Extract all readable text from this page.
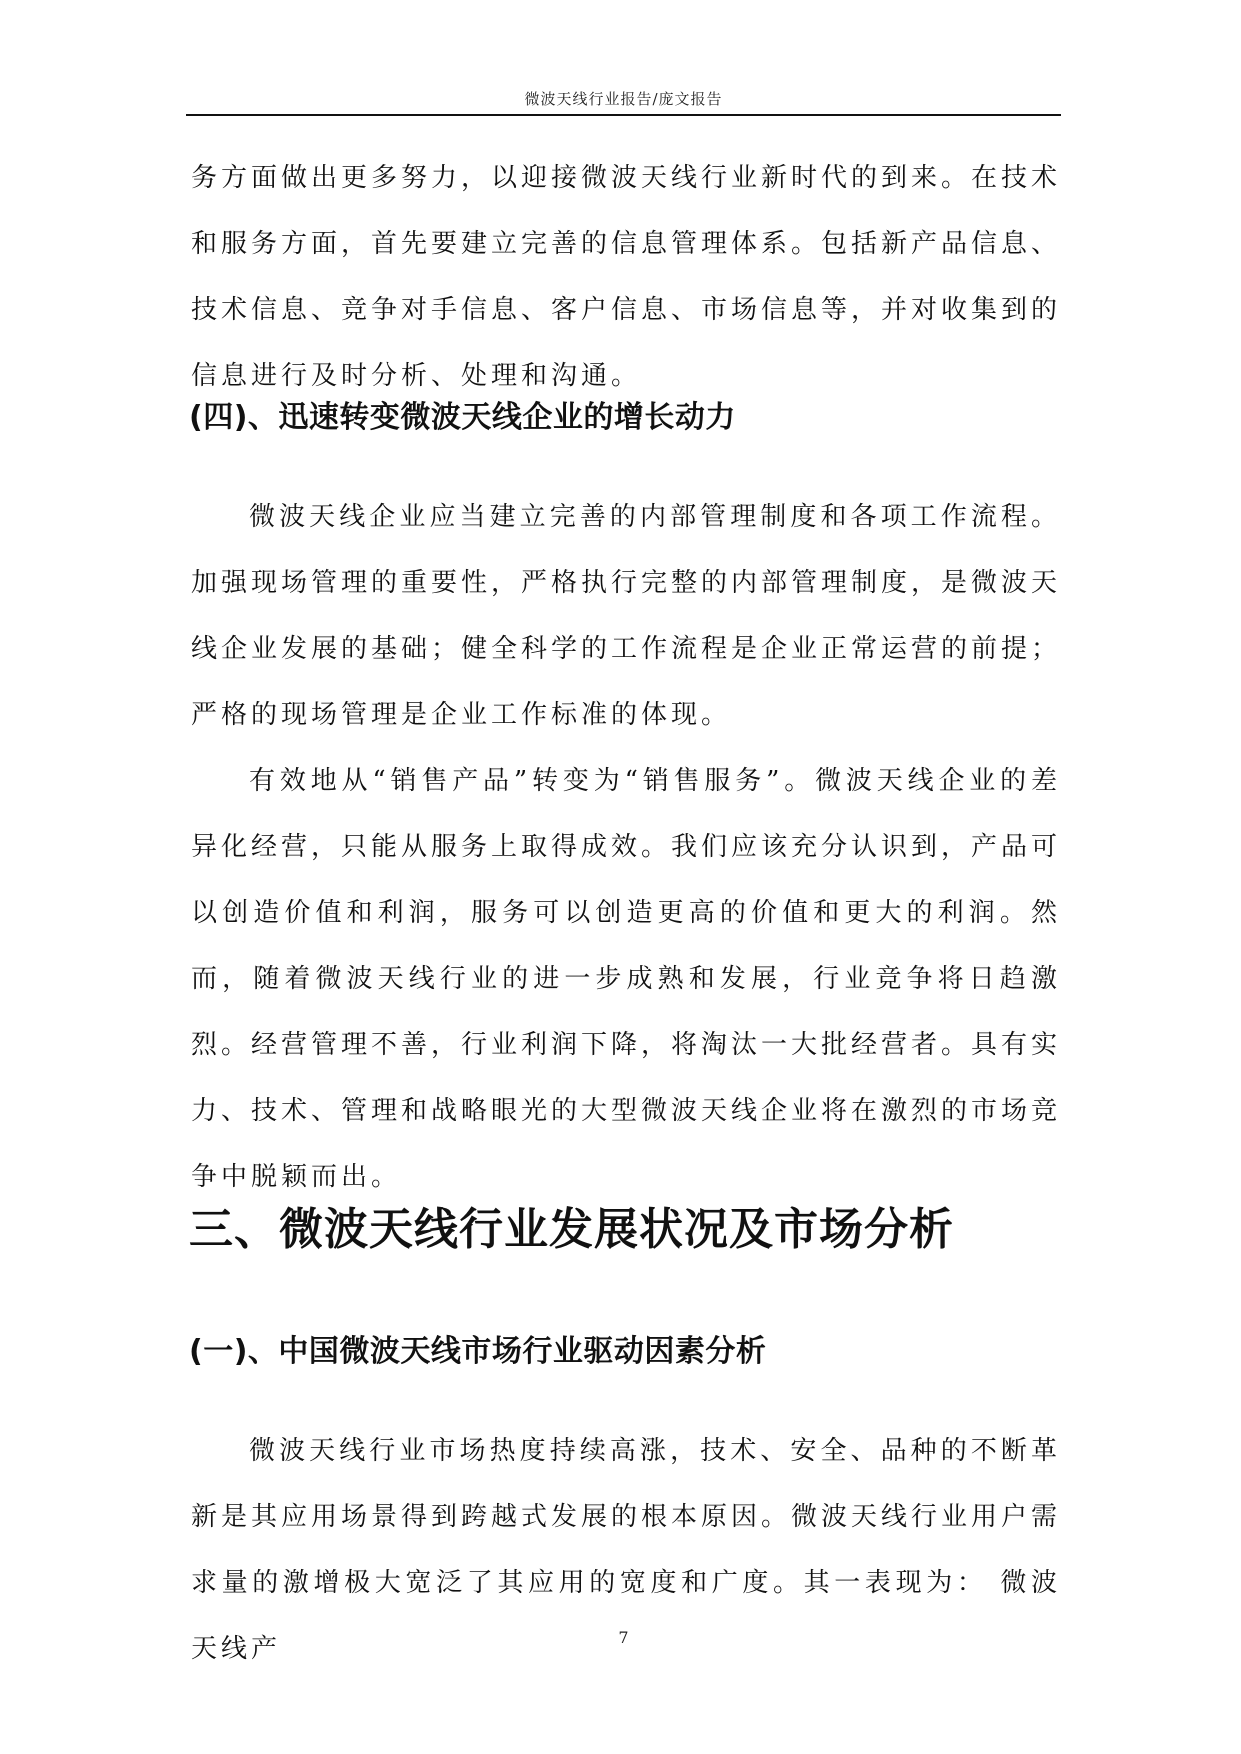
微波天线行业报告/庞文报告

务方面做出更多努力，以迎接微波天线行业新时代的到来。在技术和服务方面，首先要建立完善的信息管理体系。包括新产品信息、技术信息、竞争对手信息、客户信息、市场信息等，并对收集到的信息进行及时分析、处理和沟通。

(四)、迅速转变微波天线企业的增长动力

微波天线企业应当建立完善的内部管理制度和各项工作流程。加强现场管理的重要性，严格执行完整的内部管理制度，是微波天线企业发展的基础；健全科学的工作流程是企业正常运营的前提；严格的现场管理是企业工作标准的体现。

有效地从“销售产品”转变为“销售服务”。微波天线企业的差异化经营，只能从服务上取得成效。我们应该充分认识到，产品可以创造价值和利润，服务可以创造更高的价值和更大的利润。然而，随着微波天线行业的进一步成熟和发展，行业竞争将日趋激烈。经营管理不善，行业利润下降，将淘汰一大批经营者。具有实力、技术、管理和战略眼光的大型微波天线企业将在激烈的市场竞争中脱颖而出。

三、微波天线行业发展状况及市场分析
(一)、中国微波天线市场行业驱动因素分析

微波天线行业市场热度持续高涨，技术、安全、品种的不断革新是其应用场景得到跨越式发展的根本原因。微波天线行业用户需求量的激增极大宽泛了其应用的宽度和广度。其一表现为： 微波天线产	7
